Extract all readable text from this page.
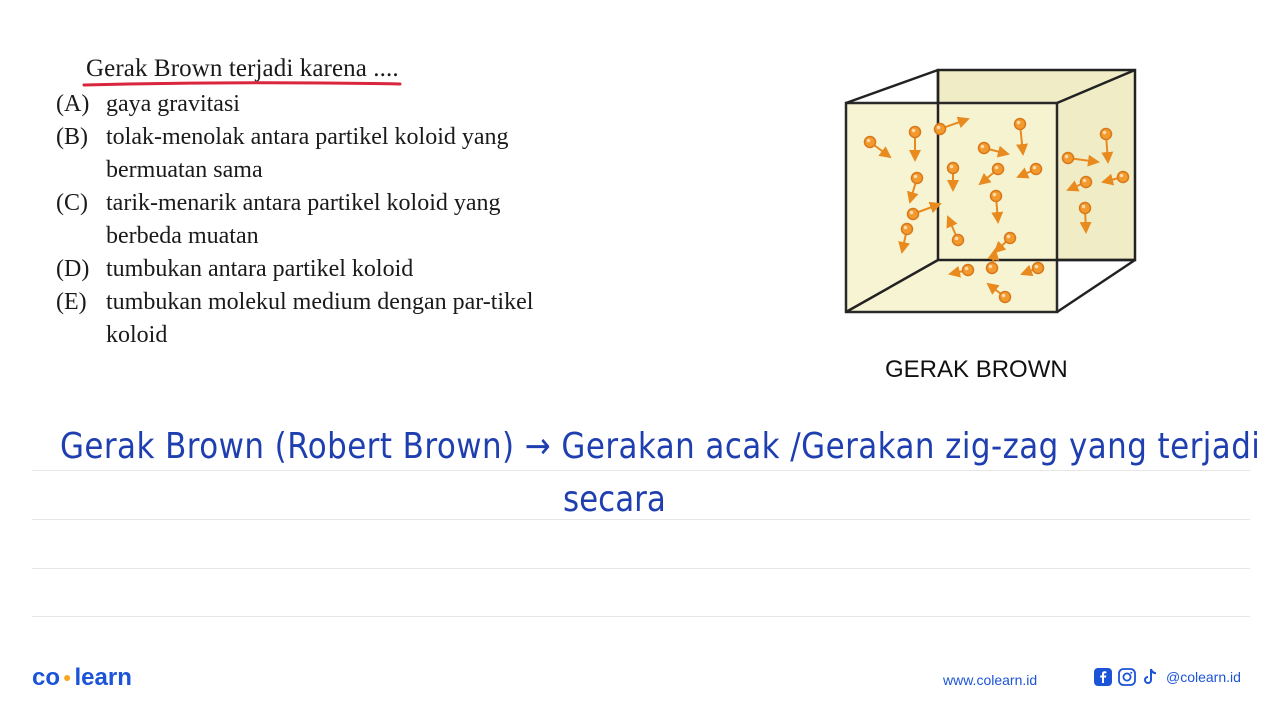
Gerak Brown terjadi karena ....
(A) gaya gravitasi
(B) tolak-menolak antara partikel koloid yang bermuatan sama
(C) tarik-menarik antara partikel koloid yang berbeda muatan
(D) tumbukan antara partikel koloid
(E) tumbukan molekul medium dengan par-tikel koloid
GERAK BROWN
Gerak Brown (Robert Brown) → Gerakan acak /Gerakan zig-zag yang terjadi
secara
co ● learn	www.colearn.id	@colearn.id
